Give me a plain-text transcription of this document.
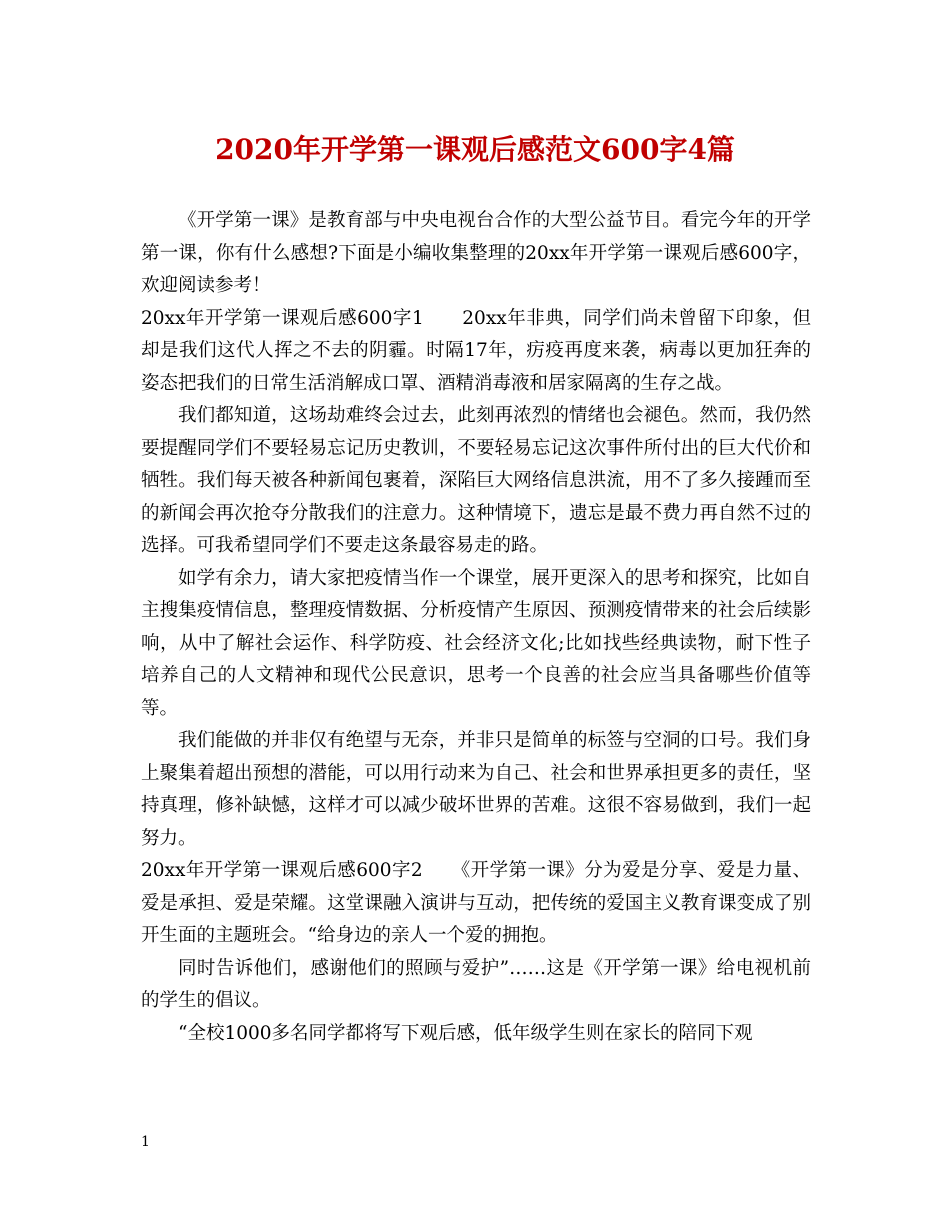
2020年开学第一课观后感范文600字4篇

《开学第一课》是教育部与中央电视台合作的大型公益节目。看完今年的开学第一课，你有什么感想?下面是小编收集整理的20xx年开学第一课观后感600字，欢迎阅读参考！

20xx年开学第一课观后感600字1　　20xx年非典，同学们尚未曾留下印象，但却是我们这代人挥之不去的阴霾。时隔17年，疠疫再度来袭，病毒以更加狂奔的姿态把我们的日常生活消解成口罩、酒精消毒液和居家隔离的生存之战。

我们都知道，这场劫难终会过去，此刻再浓烈的情绪也会褪色。然而，我仍然要提醒同学们不要轻易忘记历史教训，不要轻易忘记这次事件所付出的巨大代价和牺牲。我们每天被各种新闻包裹着，深陷巨大网络信息洪流，用不了多久接踵而至的新闻会再次抢夺分散我们的注意力。这种情境下，遗忘是最不费力再自然不过的选择。可我希望同学们不要走这条最容易走的路。

如学有余力，请大家把疫情当作一个课堂，展开更深入的思考和探究，比如自主搜集疫情信息，整理疫情数据、分析疫情产生原因、预测疫情带来的社会后续影响，从中了解社会运作、科学防疫、社会经济文化;比如找些经典读物，耐下性子培养自己的人文精神和现代公民意识，思考一个良善的社会应当具备哪些价值等等。

我们能做的并非仅有绝望与无奈，并非只是简单的标签与空洞的口号。我们身上聚集着超出预想的潜能，可以用行动来为自己、社会和世界承担更多的责任，坚持真理，修补缺憾，这样才可以减少破坏世界的苦难。这很不容易做到，我们一起努力。

20xx年开学第一课观后感600字2　　《开学第一课》分为爱是分享、爱是力量、爱是承担、爱是荣耀。这堂课融入演讲与互动，把传统的爱国主义教育课变成了别开生面的主题班会。“给身边的亲人一个爱的拥抱。

同时告诉他们，感谢他们的照顾与爱护”……这是《开学第一课》给电视机前的学生的倡议。

“全校1000多名同学都将写下观后感，低年级学生则在家长的陪同下观

1
